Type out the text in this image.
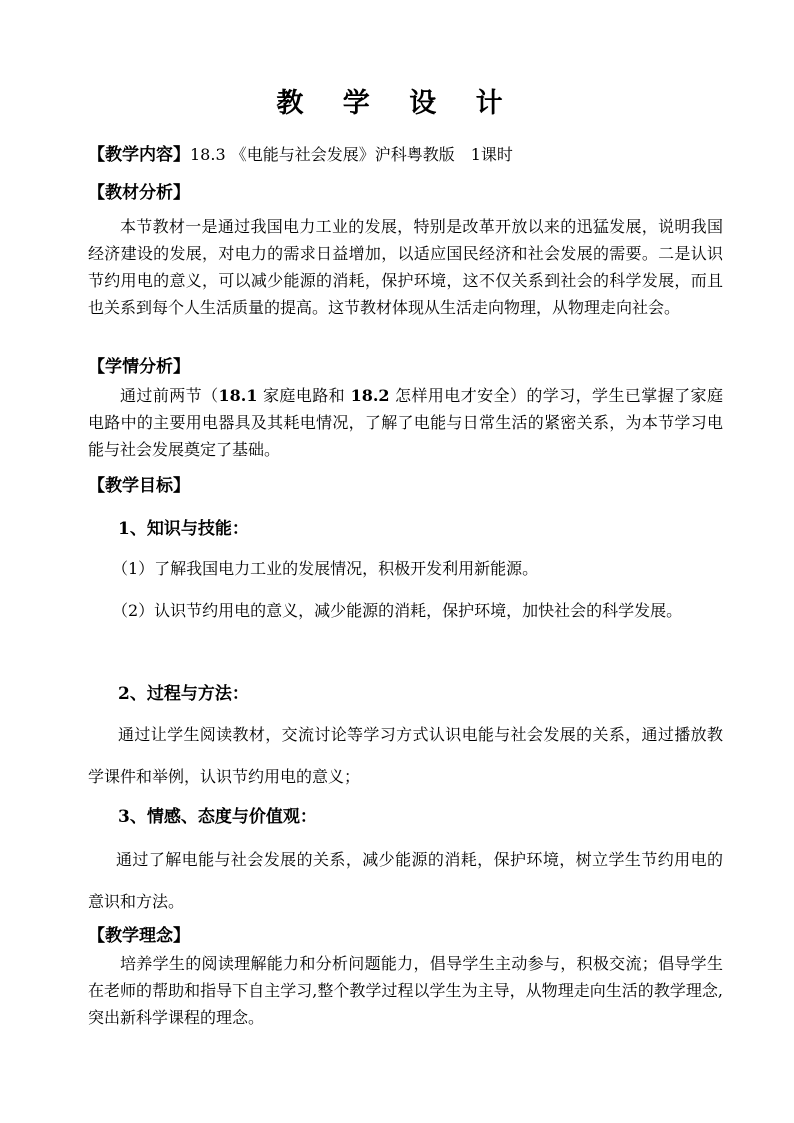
教 学 设 计
【教学内容】18.3 《电能与社会发展》沪科粤教版　1课时
【教材分析】
本节教材一是通过我国电力工业的发展，特别是改革开放以来的迅猛发展，说明我国经济建设的发展，对电力的需求日益增加，以适应国民经济和社会发展的需要。二是认识节约用电的意义，可以减少能源的消耗，保护环境，这不仅关系到社会的科学发展，而且也关系到每个人生活质量的提高。这节教材体现从生活走向物理，从物理走向社会。
【学情分析】
通过前两节（18.1 家庭电路和 18.2 怎样用电才安全）的学习，学生已掌握了家庭电路中的主要用电器具及其耗电情况，了解了电能与日常生活的紧密关系，为本节学习电能与社会发展奠定了基础。
【教学目标】
1、知识与技能：
（1）了解我国电力工业的发展情况，积极开发利用新能源。
（2）认识节约用电的意义，减少能源的消耗，保护环境，加快社会的科学发展。
2、过程与方法：
通过让学生阅读教材，交流讨论等学习方式认识电能与社会发展的关系，通过播放教学课件和举例，认识节约用电的意义；
3、情感、态度与价值观：
通过了解电能与社会发展的关系，减少能源的消耗，保护环境，树立学生节约用电的意识和方法。
【教学理念】
培养学生的阅读理解能力和分析问题能力，倡导学生主动参与，积极交流；倡导学生在老师的帮助和指导下自主学习,整个教学过程以学生为主导，从物理走向生活的教学理念,突出新科学课程的理念。
